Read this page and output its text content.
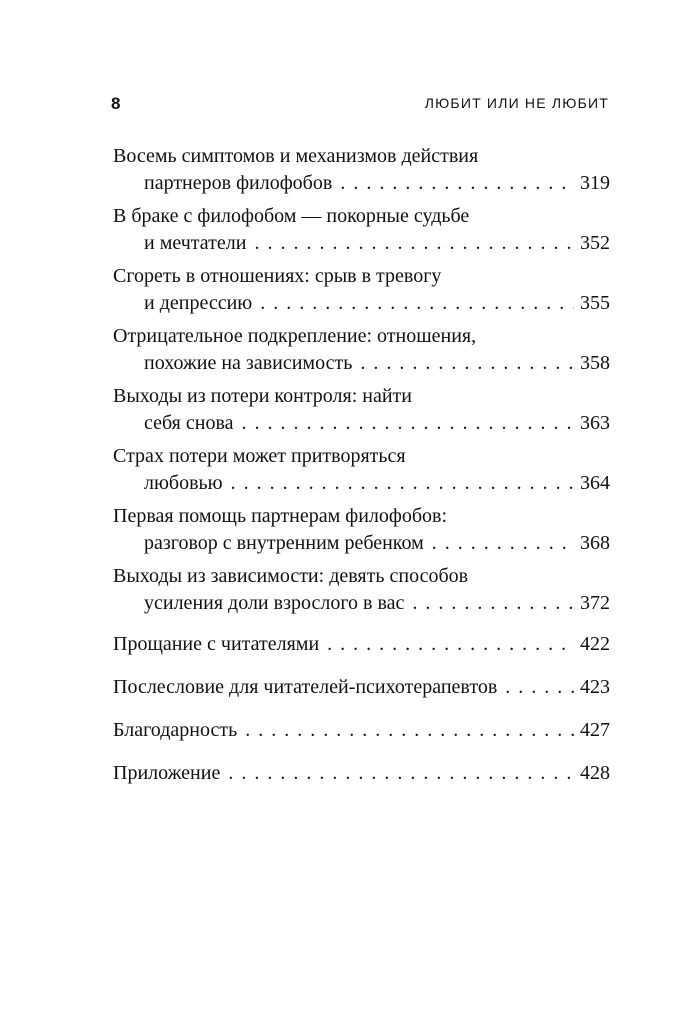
8	ЛЮБИТ ИЛИ НЕ ЛЮБИТ
Восемь симптомов и механизмов действия
партнеров филофобов . . .	319
В браке с филофобом — покорные судьбе
и мечтатели . . .	352
Сгореть в отношениях: срыв в тревогу
и депрессию . . .	355
Отрицательное подкрепление: отношения,
похожие на зависимость . . .	358
Выходы из потери контроля: найти
себя снова . . .	363
Страх потери может притворяться
любовью . . .	364
Первая помощь партнерам филофобов:
разговор с внутренним ребенком . . .	368
Выходы из зависимости: девять способов
усиления доли взрослого в вас . . .	372
Прощание с читателями . . .	422
Послесловие для читателей-психотерапевтов . . .	423
Благодарность . . .	427
Приложение . . .	428
